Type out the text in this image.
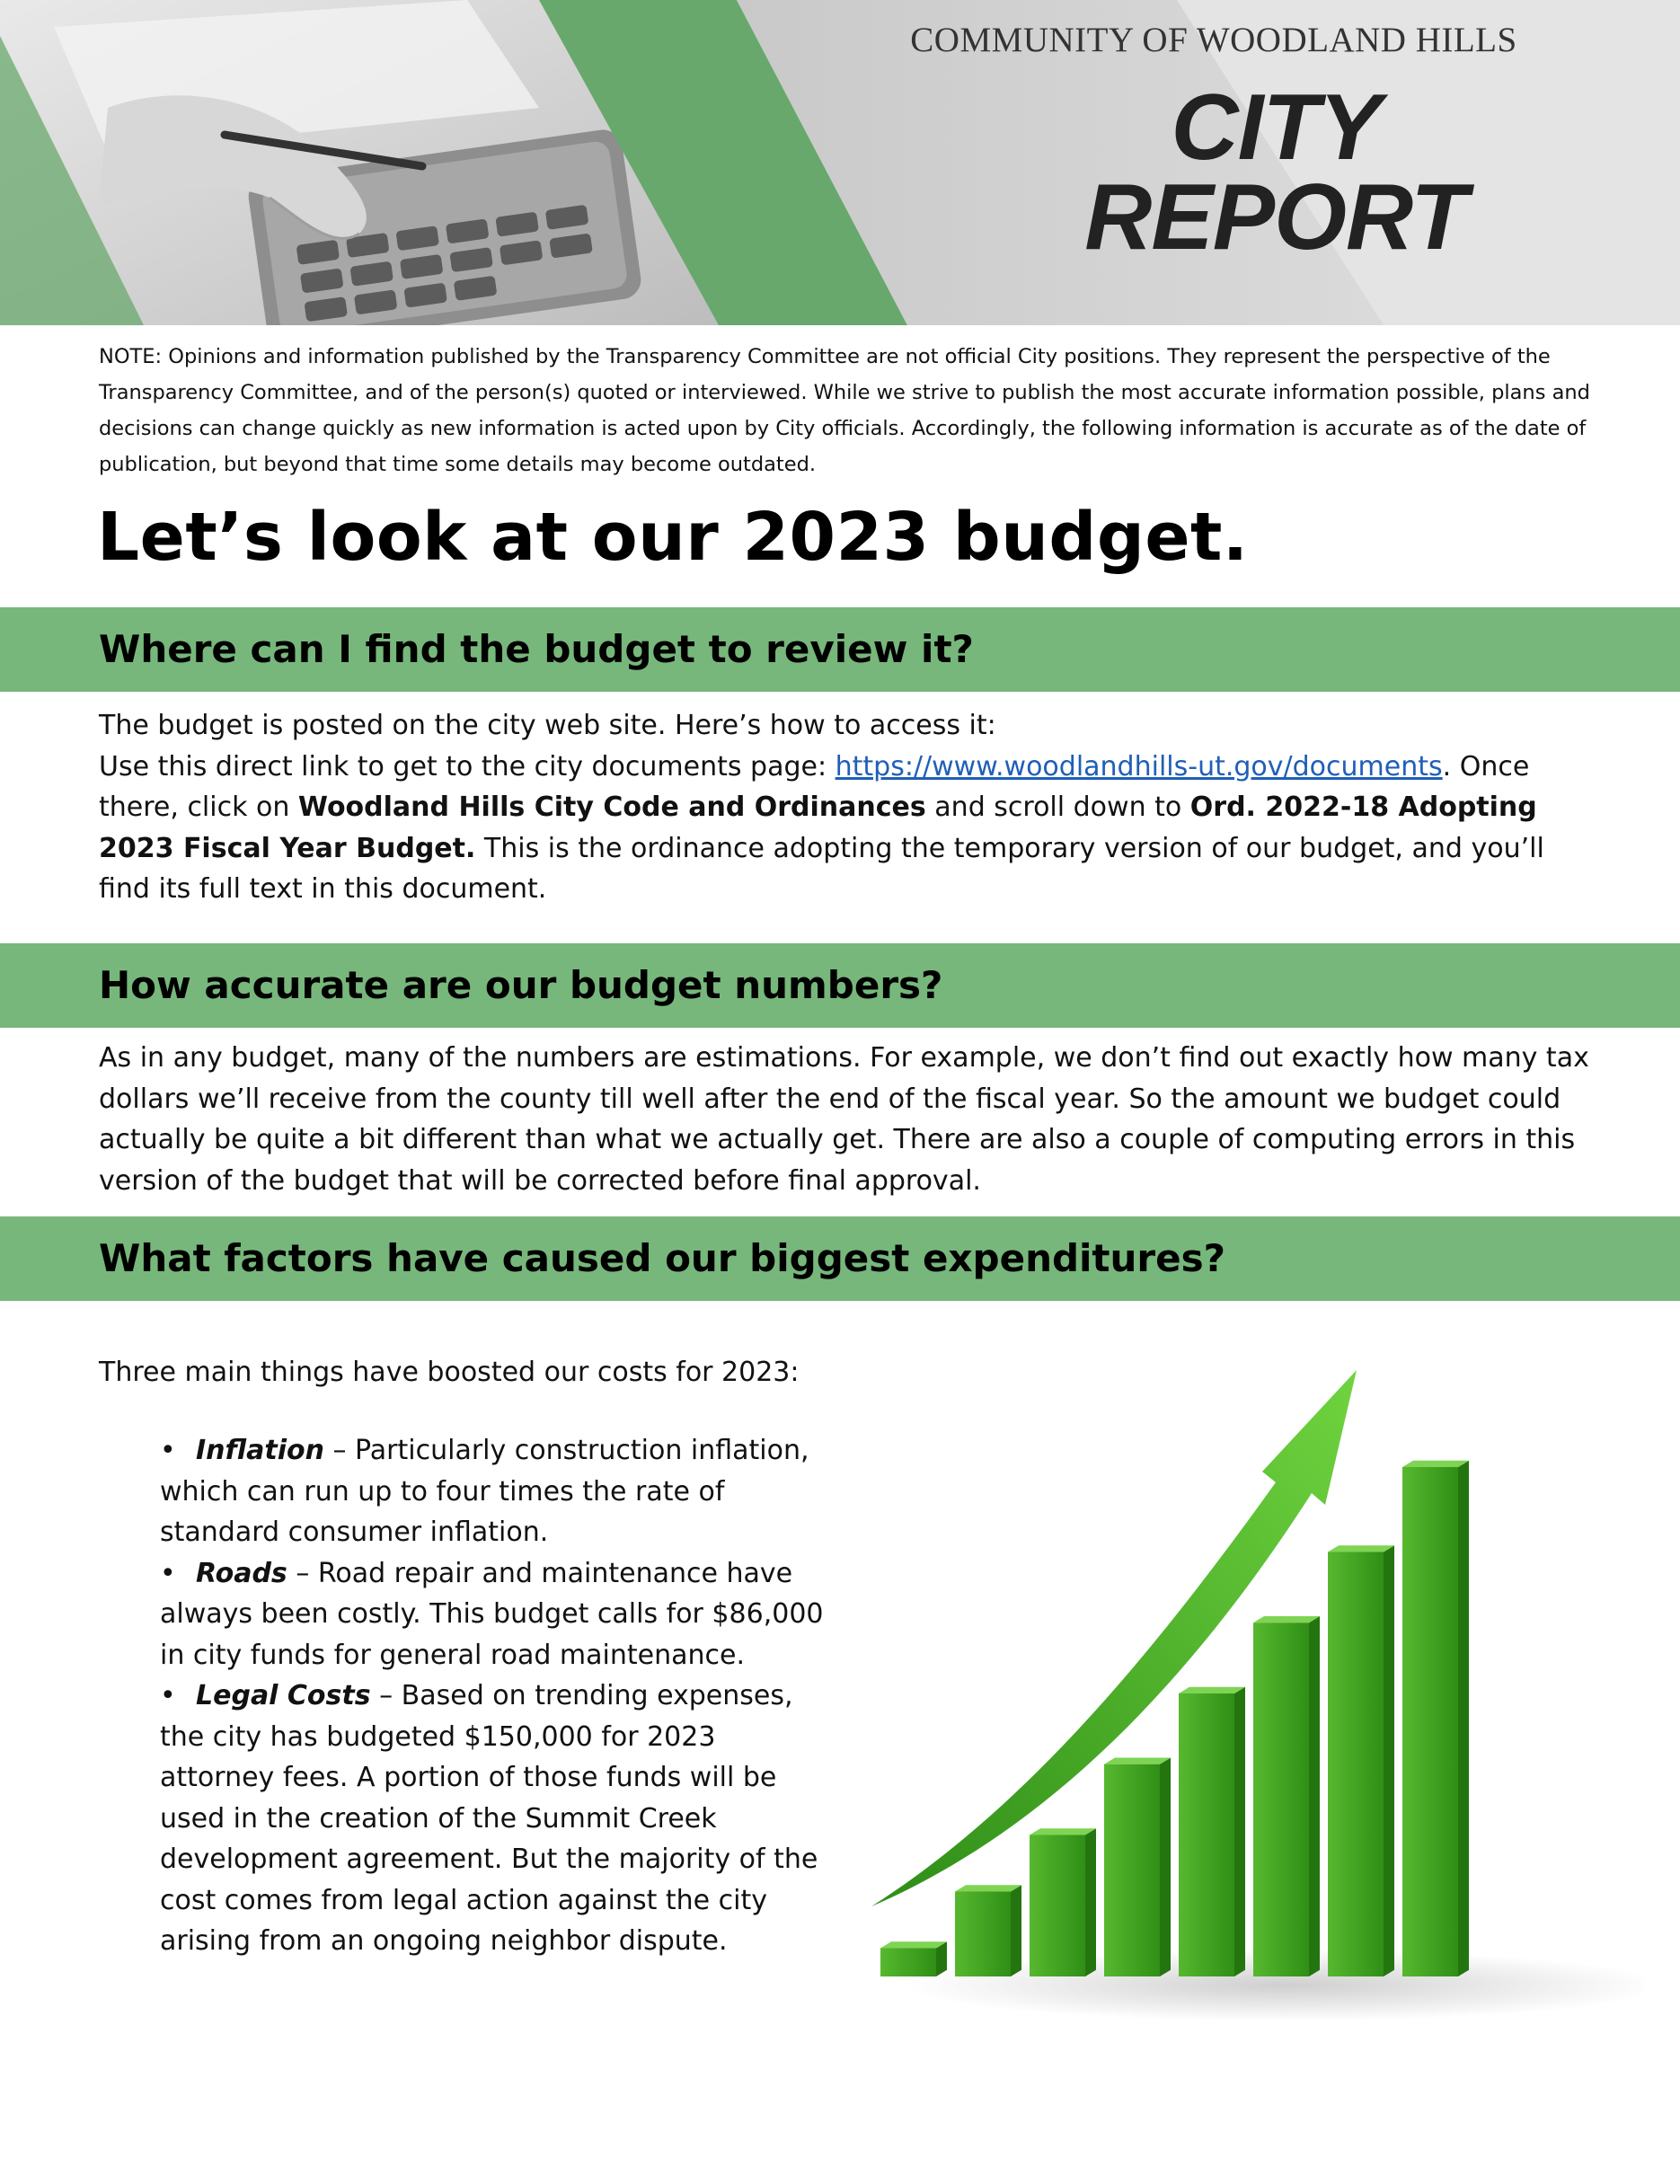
COMMUNITY OF WOODLAND HILLS
CITY
REPORT
NOTE: Opinions and information published by the Transparency Committee are not official City positions. They represent the perspective of the Transparency Committee, and of the person(s) quoted or interviewed. While we strive to publish the most accurate information possible, plans and decisions can change quickly as new information is acted upon by City officials. Accordingly, the following information is accurate as of the date of publication, but beyond that time some details may become outdated.
Let’s look at our 2023 budget.
Where can I find the budget to review it?
The budget is posted on the city web site. Here’s how to access it:
Use this direct link to get to the city documents page: https://www.woodlandhills-ut.gov/documents. Once there, click on Woodland Hills City Code and Ordinances and scroll down to Ord. 2022-18 Adopting 2023 Fiscal Year Budget. This is the ordinance adopting the temporary version of our budget, and you’ll find its full text in this document.
How accurate are our budget numbers?
As in any budget, many of the numbers are estimations. For example, we don’t find out exactly how many tax dollars we’ll receive from the county till well after the end of the fiscal year. So the amount we budget could actually be quite a bit different than what we actually get. There are also a couple of computing errors in this version of the budget that will be corrected before final approval.
What factors have caused our biggest expenditures?
Three main things have boosted our costs for 2023:
• Inflation – Particularly construction inflation, which can run up to four times the rate of standard consumer inflation.
• Roads – Road repair and maintenance have always been costly. This budget calls for $86,000 in city funds for general road maintenance.
• Legal Costs – Based on trending expenses, the city has budgeted $150,000 for 2023 attorney fees. A portion of those funds will be used in the creation of the Summit Creek development agreement. But the majority of the cost comes from legal action against the city arising from an ongoing neighbor dispute.
